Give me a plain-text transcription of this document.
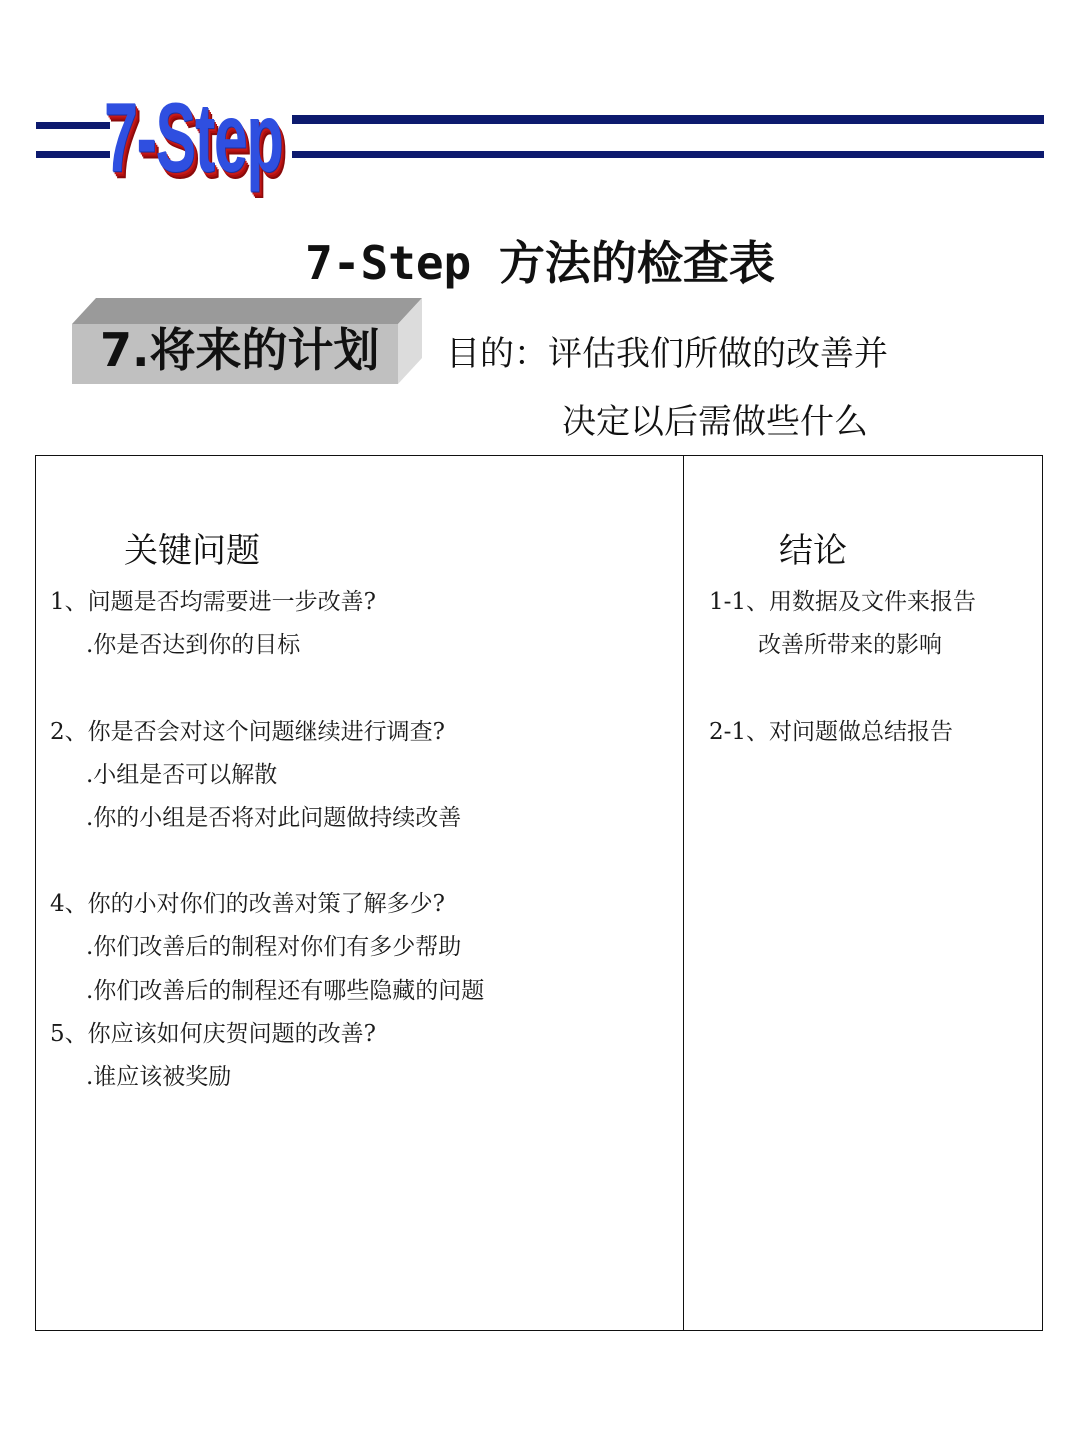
7-Step
7-Step 方法的检查表
7.将来的计划 目的：评估我们所做的改善并
决定以后需做些什么
关键问题	结论
1、问题是否均需要进一步改善?
.你是否达到你的目标
2、你是否会对这个问题继续进行调查?
.小组是否可以解散
.你的小组是否将对此问题做持续改善
4、你的小对你们的改善对策了解多少?
.你们改善后的制程对你们有多少帮助
.你们改善后的制程还有哪些隐藏的问题
5、你应该如何庆贺问题的改善?
.谁应该被奖励
1-1、用数据及文件来报告
改善所带来的影响
2-1、对问题做总结报告
